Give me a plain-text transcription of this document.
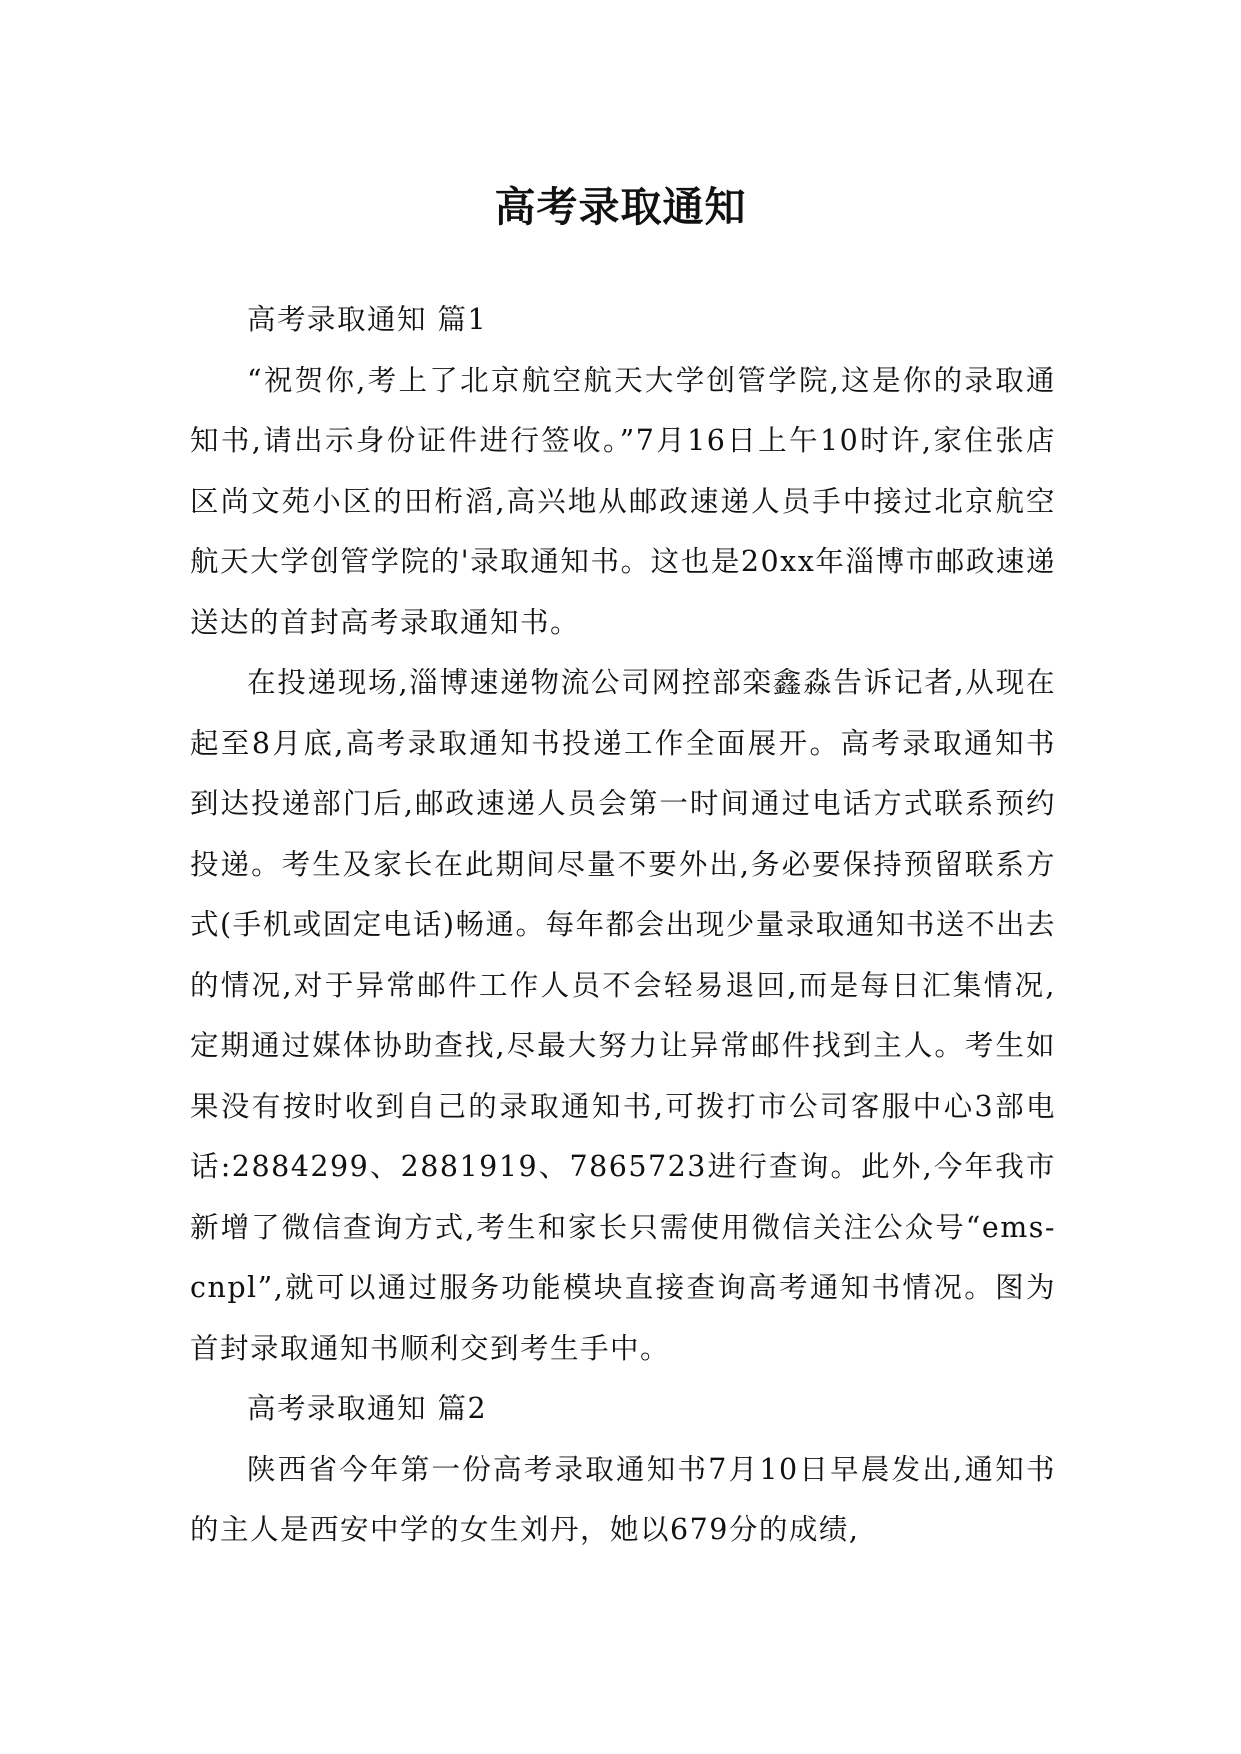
高考录取通知

高考录取通知 篇1

“祝贺你,考上了北京航空航天大学创管学院,这是你的录取通知书,请出示身份证件进行签收。”7月16日上午10时许,家住张店区尚文苑小区的田桁滔,高兴地从邮政速递人员手中接过北京航空航天大学创管学院的'录取通知书。这也是20xx年淄博市邮政速递送达的首封高考录取通知书。

在投递现场,淄博速递物流公司网控部栾鑫淼告诉记者,从现在起至8月底,高考录取通知书投递工作全面展开。高考录取通知书到达投递部门后,邮政速递人员会第一时间通过电话方式联系预约投递。考生及家长在此期间尽量不要外出,务必要保持预留联系方式(手机或固定电话)畅通。每年都会出现少量录取通知书送不出去的情况,对于异常邮件工作人员不会轻易退回,而是每日汇集情况,定期通过媒体协助查找,尽最大努力让异常邮件找到主人。考生如果没有按时收到自己的录取通知书,可拨打市公司客服中心3部电话:2884299、2881919、7865723进行查询。此外,今年我市新增了微信查询方式,考生和家长只需使用微信关注公众号“ems-cnpl”,就可以通过服务功能模块直接查询高考通知书情况。图为首封录取通知书顺利交到考生手中。

高考录取通知 篇2

陕西省今年第一份高考录取通知书7月10日早晨发出,通知书的主人是西安中学的女生刘丹，她以679分的成绩,
